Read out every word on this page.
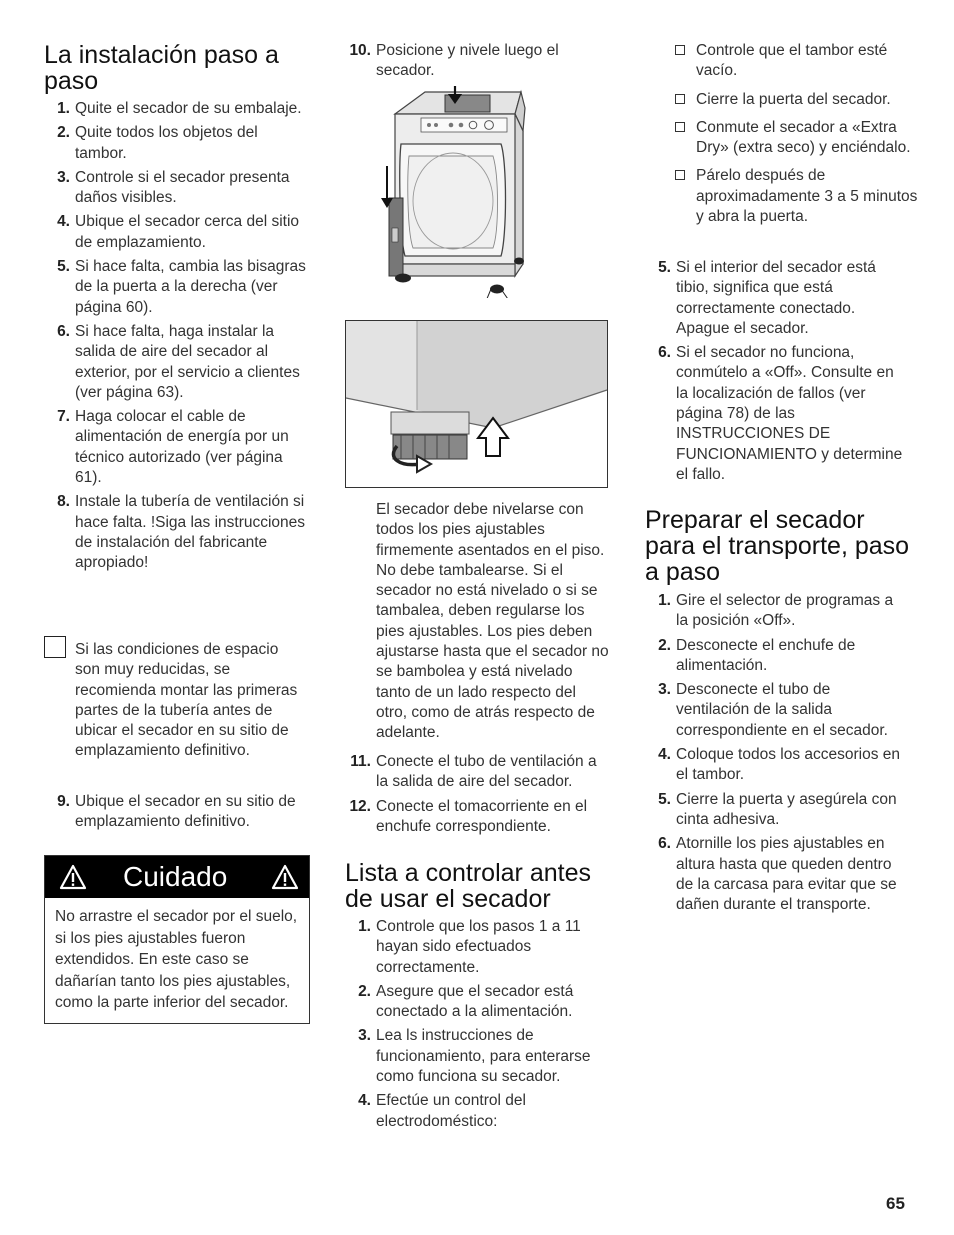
La instalación paso a paso
1. Quite el secador de su embalaje.
2. Quite todos los objetos del tambor.
3. Controle si el secador presenta daños visibles.
4. Ubique el secador cerca del sitio de emplazamiento.
5. Si hace falta, cambia las bisagras de la puerta a la derecha (ver página 60).
6. Si hace falta, haga instalar la salida de aire del secador al exterior, por el servicio a clientes (ver página 63).
7. Haga colocar el cable de alimentación de energía por un técnico autorizado (ver página 61).
8. Instale la tubería de ventilación si hace falta. !Siga las instrucciones de instalación del fabricante apropiado!
Si las condiciones de espacio son muy reducidas, se recomienda montar las primeras partes de la tubería antes de ubicar el secador en su sitio de emplazamiento definitivo.
9. Ubique el secador en su sitio de emplazamiento definitivo.
Cuidado
No arrastre el secador por el suelo, si los pies ajustables fueron extendidos. En este caso se dañarían tanto los pies ajustables, como la parte inferior del secador.
10. Posicione y nivele luego el secador.
El secador debe nivelarse con todos los pies ajustables firmemente asentados en el piso. No debe tambalearse. Si el secador no está nivelado o si se tambalea, deben regularse los pies ajustables. Los pies deben ajustarse hasta que el secador no se bambolea y está nivelado tanto de un lado respecto del otro, como de atrás respecto de adelante.
11. Conecte el tubo de ventilación a la salida de aire del secador.
12. Conecte el tomacorriente en el enchufe correspondiente.
Lista a controlar antes de usar el secador
1. Controle que los pasos 1 a 11 hayan sido efectuados correctamente.
2. Asegure que el secador está conectado a la alimentación.
3. Lea ls instrucciones de funcionamiento, para enterarse como funciona su secador.
4. Efectúe un control del electrodoméstico:
Controle que el tambor esté vacío.
Cierre la puerta del secador.
Conmute el secador a «Extra Dry» (extra seco) y enciéndalo.
Párelo después de aproximadamente 3 a 5 minutos y abra la puerta.
5. Si el interior del secador está tibio, significa que está correctamente conectado. Apague el secador.
6. Si el secador no funciona, conmútelo a «Off». Consulte en la localización de fallos (ver página 78) de las INSTRUCCIONES DE FUNCIONAMIENTO y determine el fallo.
Preparar el secador para el transporte, paso a paso
1. Gire el selector de programas a la posición «Off».
2. Desconecte el enchufe de alimentación.
3. Desconecte el tubo de ventilación de la salida correspondiente en el secador.
4. Coloque todos los accesorios en el tambor.
5. Cierre la puerta y asegúrela con cinta adhesiva.
6. Atornille los pies ajustables en altura hasta que queden dentro de la carcasa para evitar que se dañen durante el transporte.
65
